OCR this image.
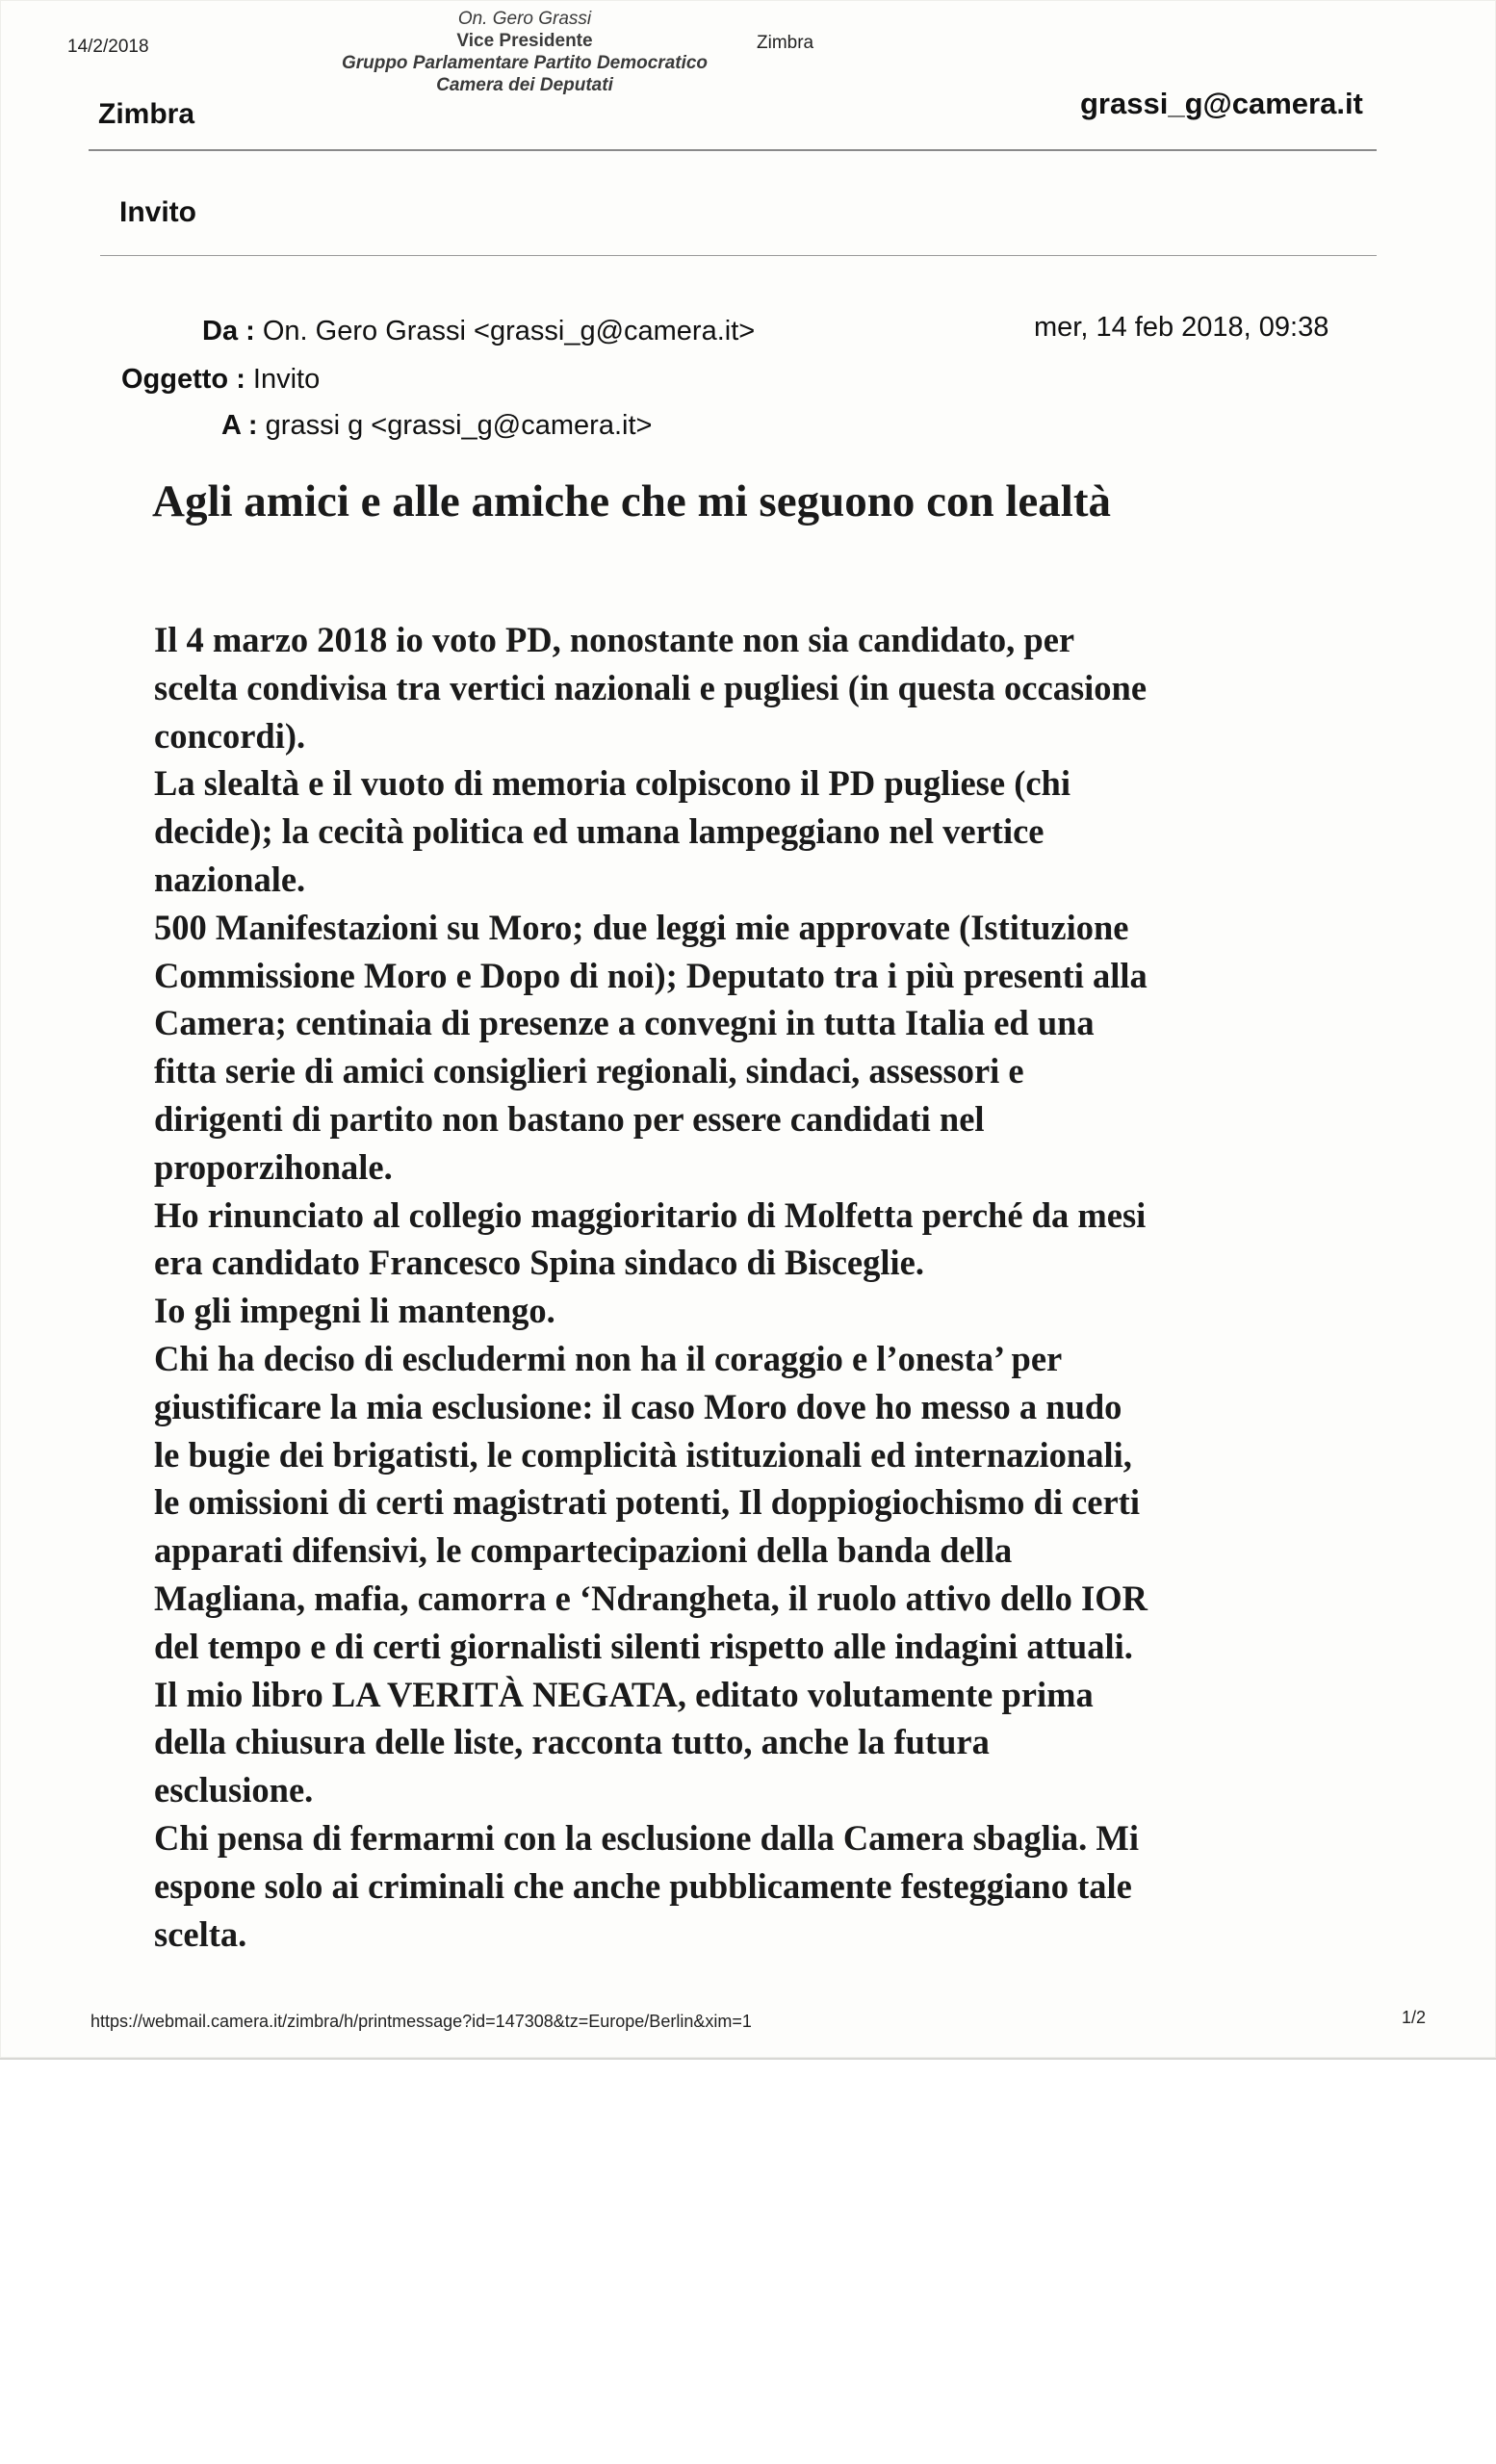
14/2/2018	Zimbra
On. Gero Grassi
Vice Presidente
Gruppo Parlamentare Partito Democratico
Camera dei Deputati
Zimbra	grassi_g@camera.it
Invito
Da : On. Gero Grassi <grassi_g@camera.it>	mer, 14 feb 2018, 09:38
Oggetto : Invito
A : grassi g <grassi_g@camera.it>
Agli amici e alle amiche che mi seguono con lealtà
Il 4 marzo 2018 io voto PD, nonostante non sia candidato, per
scelta condivisa tra vertici nazionali e pugliesi (in questa occasione
concordi).
La slealtà e il vuoto di memoria colpiscono il PD pugliese (chi
decide); la cecità politica ed umana lampeggiano nel vertice
nazionale.
500 Manifestazioni su Moro; due leggi mie approvate (Istituzione
Commissione Moro e Dopo di noi); Deputato tra i più presenti alla
Camera; centinaia di presenze a convegni in tutta Italia ed una
fitta serie di amici consiglieri regionali, sindaci, assessori e
dirigenti di partito non bastano per essere candidati nel
proporzihonale.
Ho rinunciato al collegio maggioritario di Molfetta perché da mesi
era candidato Francesco Spina sindaco di Bisceglie.
Io gli impegni li mantengo.
Chi ha deciso di escludermi non ha il coraggio e l’onesta’ per
giustificare la mia esclusione: il caso Moro dove ho messo a nudo
le bugie dei brigatisti, le complicità istituzionali ed internazionali,
le omissioni di certi magistrati potenti, Il doppiogiochismo di certi
apparati difensivi, le compartecipazioni della banda della
Magliana, mafia, camorra e ‘Ndrangheta, il ruolo attivo dello IOR
del tempo e di certi giornalisti silenti rispetto alle indagini attuali.
Il mio libro LA VERITÀ NEGATA, editato volutamente prima
della chiusura delle liste, racconta tutto, anche la futura
esclusione.
Chi pensa di fermarmi con la esclusione dalla Camera sbaglia. Mi
espone solo ai criminali che anche pubblicamente festeggiano tale
scelta.
https://webmail.camera.it/zimbra/h/printmessage?id=147308&tz=Europe/Berlin&xim=1	1/2
